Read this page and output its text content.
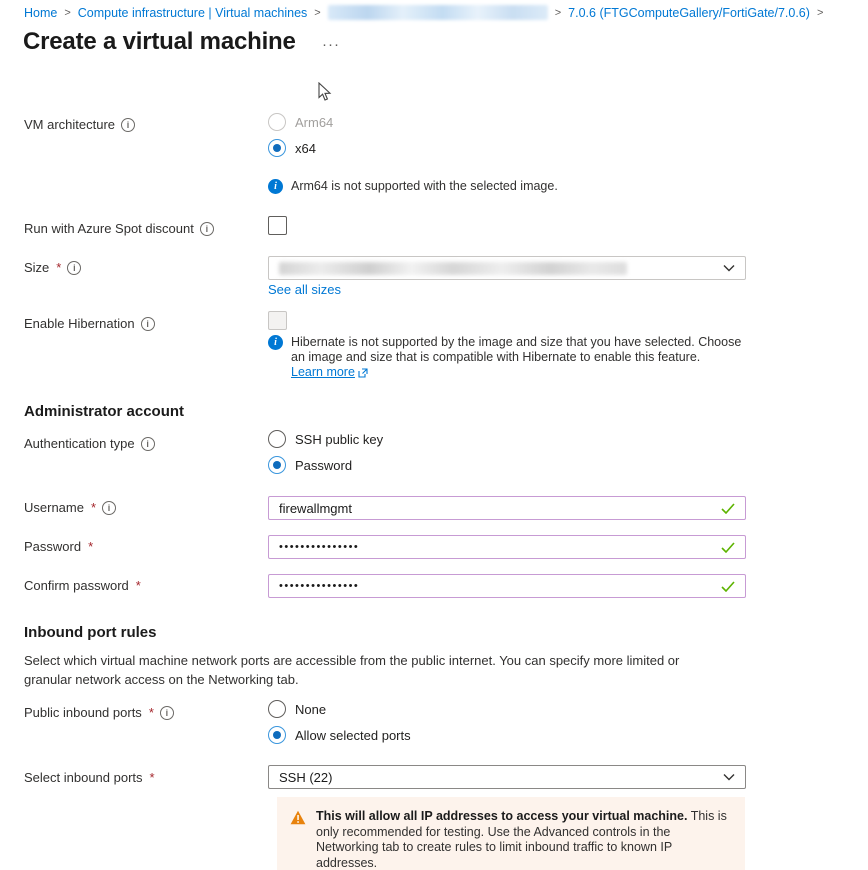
Home > Compute infrastructure | Virtual machines >	> 7.0.6 (FTGComputeGallery/FortiGate/7.0.6) >
Create a virtual machine ···
VM architecture	i	Arm64
x64
i	Arm64 is not supported with the selected image.
Run with Azure Spot discount	i
Size *	i
See all sizes
Enable Hibernation	i
i	Hibernate is not supported by the image and size that you have selected. Choose an image and size that is compatible with Hibernate to enable this feature.

Learn more
Administrator account
Authentication type	i	SSH public key
Password
Username *	i	firewallmgmt
Password *	•••••••••••••••
Confirm password *	•••••••••••••••
Inbound port rules

Select which virtual machine network ports are accessible from the public internet. You can specify more limited or granular network access on the Networking tab.

Public inbound ports *	i	None
Allow selected ports
Select inbound ports *	SSH (22)
This will allow all IP addresses to access your virtual machine. This is only recommended for testing. Use the Advanced controls in the Networking tab to create rules to limit inbound traffic to known IP addresses.
